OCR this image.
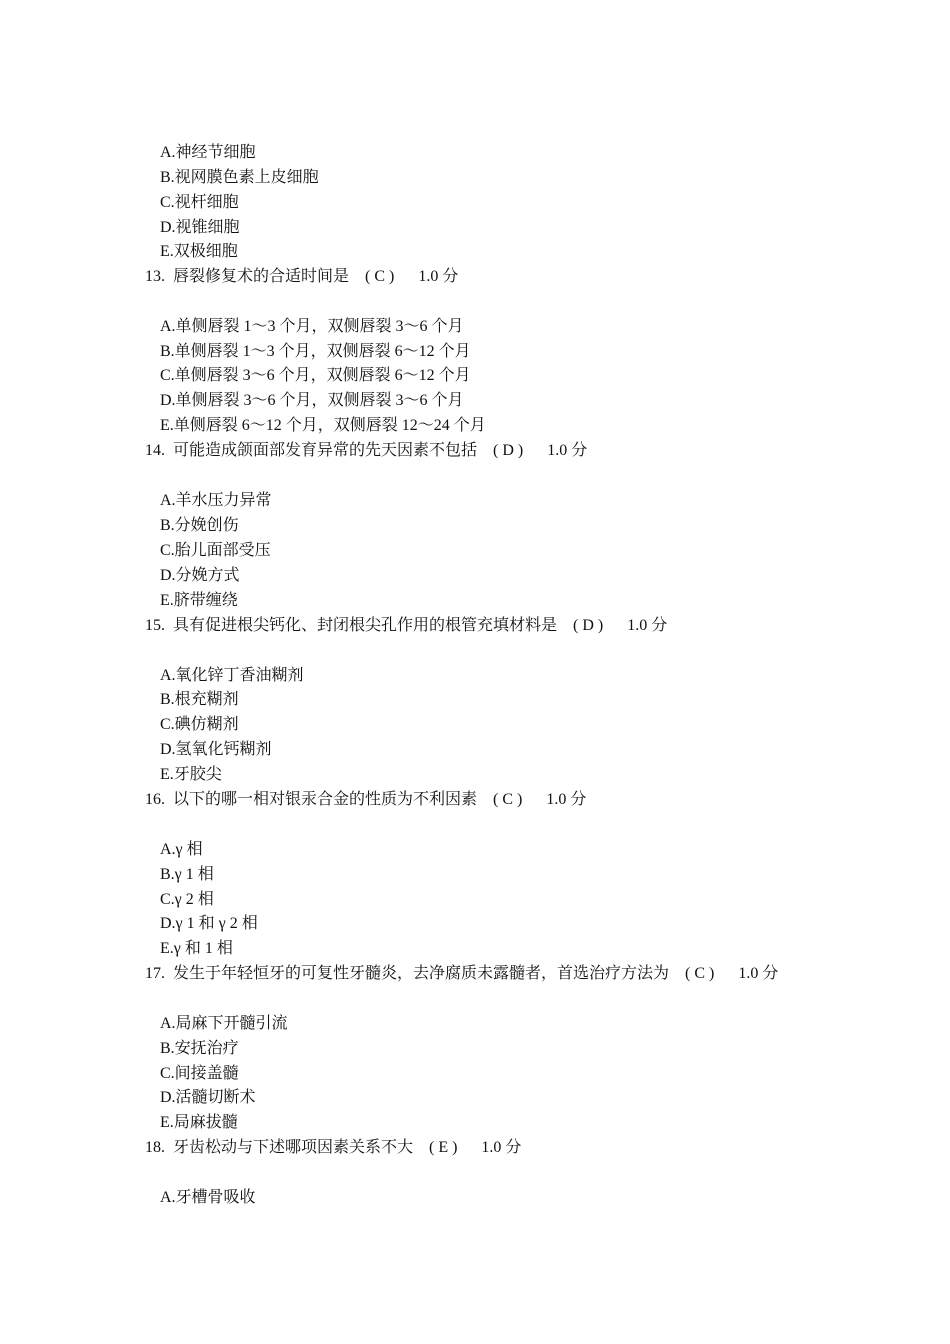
A.神经节细胞
B.视网膜色素上皮细胞
C.视杆细胞
D.视锥细胞
E.双极细胞
13.  唇裂修复术的合适时间是    ( C )      1.0 分
A.单侧唇裂 1～3 个月，双侧唇裂 3～6 个月
B.单侧唇裂 1～3 个月，双侧唇裂 6～12 个月
C.单侧唇裂 3～6 个月，双侧唇裂 6～12 个月
D.单侧唇裂 3～6 个月，双侧唇裂 3～6 个月
E.单侧唇裂 6～12 个月，双侧唇裂 12～24 个月
14.  可能造成颌面部发育异常的先天因素不包括    ( D )      1.0 分
A.羊水压力异常
B.分娩创伤
C.胎儿面部受压
D.分娩方式
E.脐带缠绕
15.  具有促进根尖钙化、封闭根尖孔作用的根管充填材料是    ( D )      1.0 分
A.氧化锌丁香油糊剂
B.根充糊剂
C.碘仿糊剂
D.氢氧化钙糊剂
E.牙胶尖
16.  以下的哪一相对银汞合金的性质为不利因素    ( C )      1.0 分
A.γ 相
B.γ 1 相
C.γ 2 相
D.γ 1 和 γ 2 相
E.γ 和 1 相
17.  发生于年轻恒牙的可复性牙髓炎，去净腐质未露髓者，首选治疗方法为    ( C )      1.0 分
A.局麻下开髓引流
B.安抚治疗
C.间接盖髓
D.活髓切断术
E.局麻拔髓
18.  牙齿松动与下述哪项因素关系不大    ( E )      1.0 分
A.牙槽骨吸收
